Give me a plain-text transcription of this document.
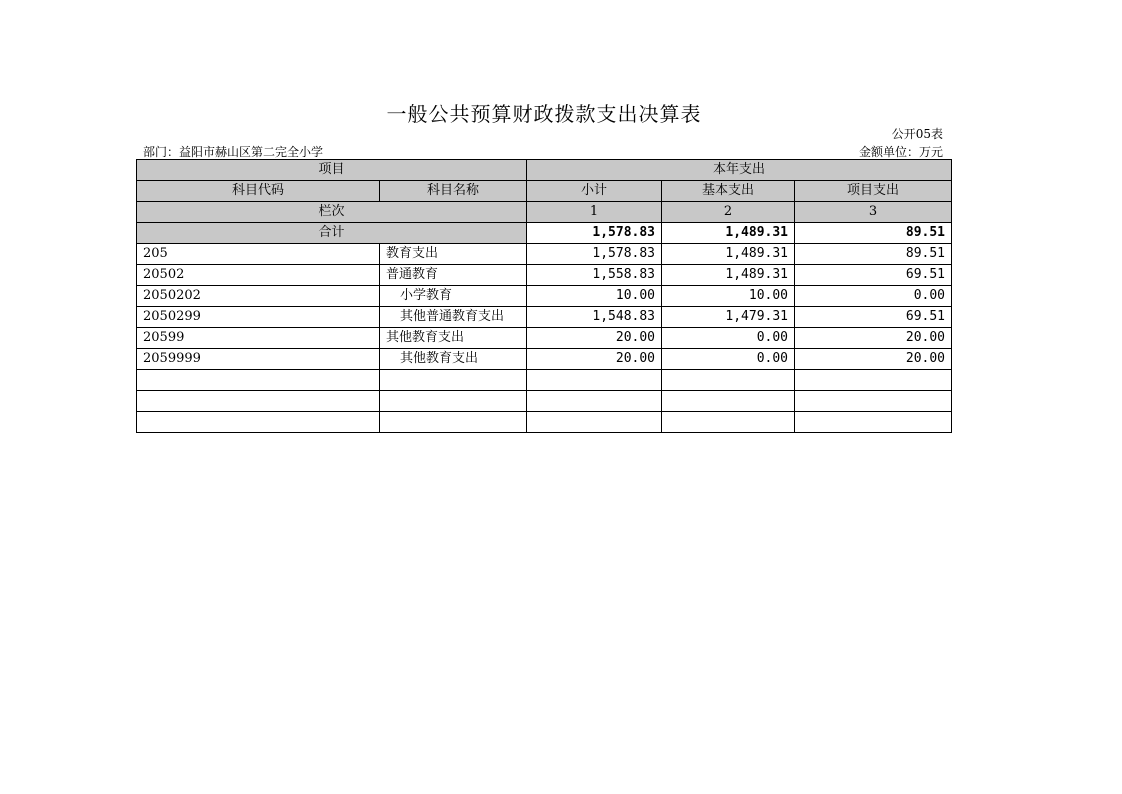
一般公共预算财政拨款支出决算表
公开05表
部门：益阳市赫山区第二完全小学	金额单位：万元
项目		本年支出		
科目代码	科目名称	小计	基本支出	项目支出
栏次		1	2	3
合计		1,578.83	1,489.31	89.51
205	教育支出	1,578.83	1,489.31	89.51
20502	普通教育	1,558.83	1,489.31	69.51
2050202	小学教育	10.00	10.00	0.00
2050299	其他普通教育支出	1,548.83	1,479.31	69.51
20599	其他教育支出	20.00	0.00	20.00
2059999	其他教育支出	20.00	0.00	20.00
